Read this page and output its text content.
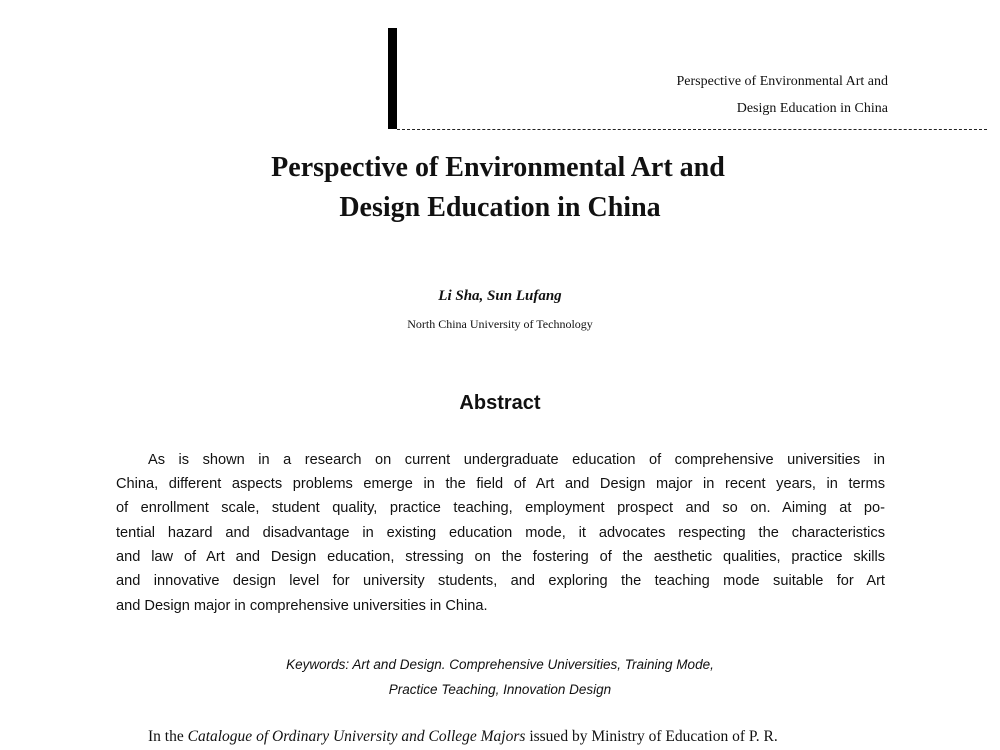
Perspective of Environmental Art and
Design Education in China
Perspective of Environmental Art and
Design Education in China
Li Sha, Sun Lufang
North China University of Technology
Abstract
As is shown in a research on current undergraduate education of comprehensive universities in
China, different aspects problems emerge in the field of Art and Design major in recent years, in terms
of enrollment scale, student quality, practice teaching, employment prospect and so on. Aiming at po-
tential hazard and disadvantage in existing education mode, it advocates respecting the characteristics
and law of Art and Design education, stressing on the fostering of the aesthetic qualities, practice skills
and innovative design level for university students, and exploring the teaching mode suitable for Art
and Design major in comprehensive universities in China.
Keywords: Art and Design. Comprehensive Universities, Training Mode,
Practice Teaching, Innovation Design
In the Catalogue of Ordinary University and College Majors issued by Ministry of Education of P. R.
